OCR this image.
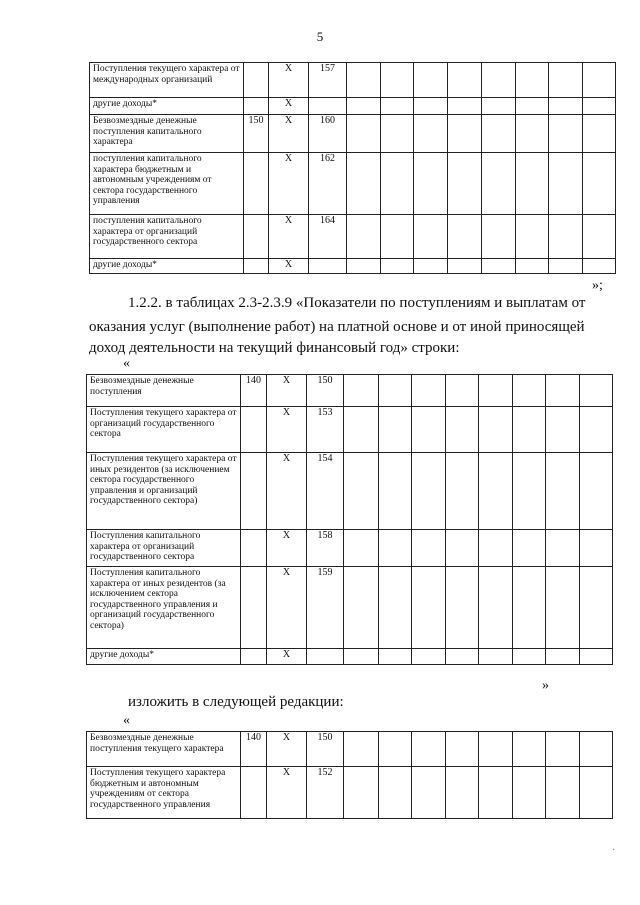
5
Поступления текущего характера от международных организаций		X	157								
другие доходы*		X									
Безвозмездные денежные поступления капитального характера	150	X	160								
поступления капитального характера бюджетным и автономным учреждениям от сектора государственного управления		X	162								
поступления капитального характера от организаций государственного сектора		X	164								
другие доходы*		X									
»;
1.2.2. в таблицах 2.3-2.3.9 «Показатели по поступлениям и выплатам от
оказания услуг (выполнение работ) на платной основе и от иной приносящей
доход деятельности на текущий финансовый год» строки:
«
Безвозмездные денежные поступления	140	X	150								
Поступления текущего характера от организаций государственного сектора		X	153								
Поступления текущего характера от иных резидентов (за исключением сектора государственного управления и организаций государственного сектора)		X	154								
Поступления капитального характера от организаций государственного сектора		X	158								
Поступления капитального характера от иных резидентов (за исключением сектора государственного управления и организаций государственного сектора)		X	159								
другие доходы*		X									
»
изложить в следующей редакции:
«
Безвозмездные денежные поступления текущего характера	140	X	150								
Поступления текущего характера бюджетным и автономным учреждениям от сектора государственного управления		X	152								
·
